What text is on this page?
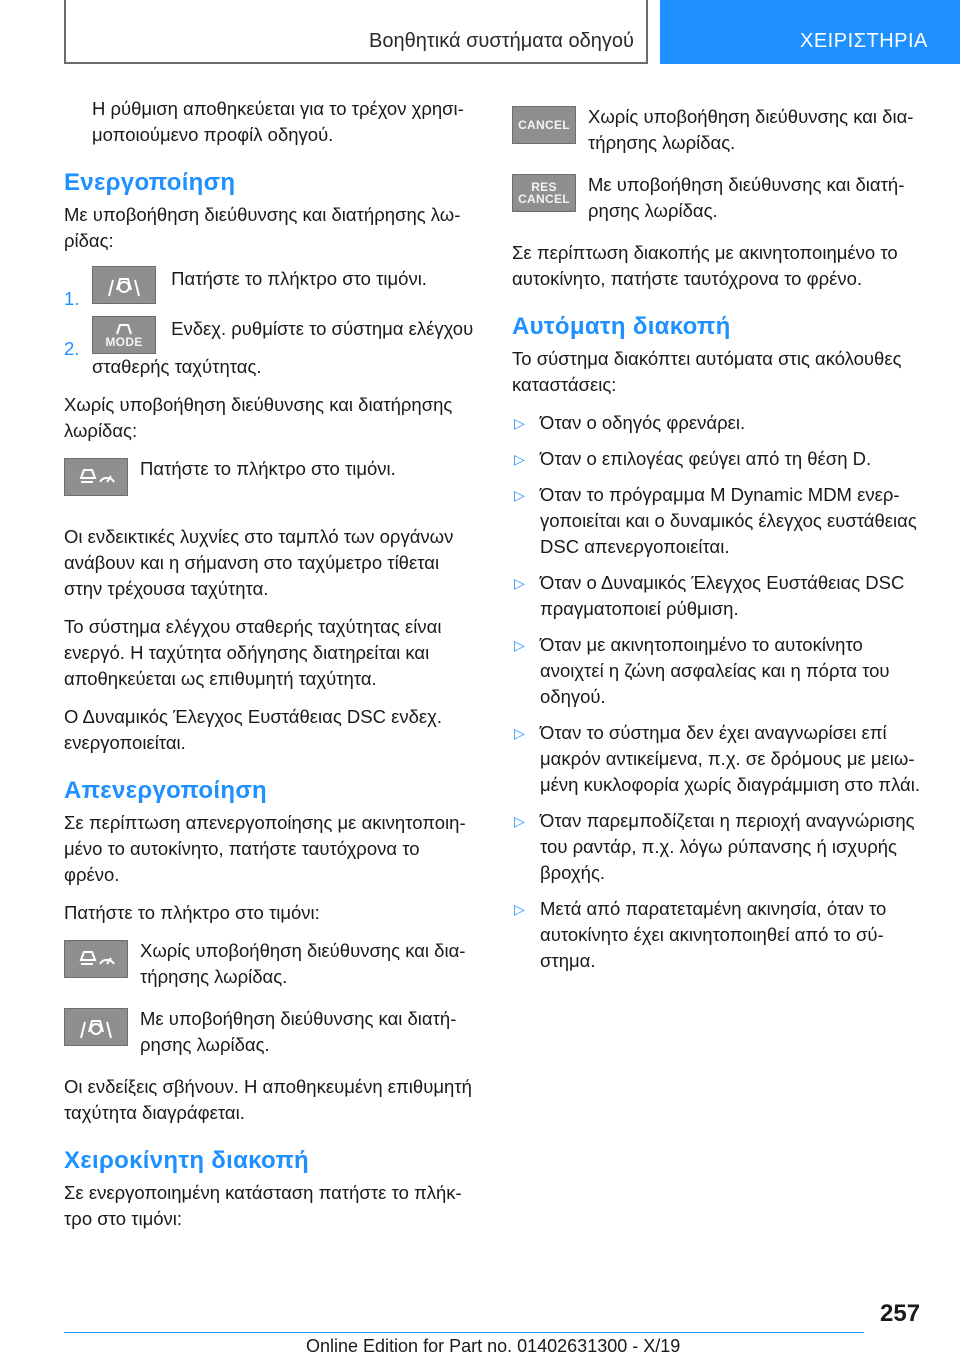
Βοηθητικά συστήματα οδηγού	ΧΕΙΡΙΣΤΗΡΙΑ

Η ρύθμιση αποθηκεύεται για το τρέχον χρησιμοποιούμενο προφίλ οδηγού.

Ενεργοποίηση

Με υποβοήθηση διεύθυνσης και διατήρησης λωρίδας:

1.
Πατήστε το πλήκτρο στο τιμόνι.
2. MODE
Ενδεχ. ρυθμίστε το σύστημα ελέγχου σταθερής ταχύτητας.

Χωρίς υποβοήθηση διεύθυνσης και διατήρησης λωρίδας:

Πατήστε το πλήκτρο στο τιμόνι.

Οι ενδεικτικές λυχνίες στο ταμπλό των οργάνων ανάβουν και η σήμανση στο ταχύμετρο τίθεται στην τρέχουσα ταχύτητα.

Το σύστημα ελέγχου σταθερής ταχύτητας είναι ενεργό. Η ταχύτητα οδήγησης διατηρείται και αποθηκεύεται ως επιθυμητή ταχύτητα.

Ο Δυναμικός Έλεγχος Ευστάθειας DSC ενδεχ. ενεργοποιείται.

Απενεργοποίηση

Σε περίπτωση απενεργοποίησης με ακινητοποιημένο το αυτοκίνητο, πατήστε ταυτόχρονα το φρένο.

Πατήστε το πλήκτρο στο τιμόνι:

Χωρίς υποβοήθηση διεύθυνσης και διατήρησης λωρίδας.
Με υποβοήθηση διεύθυνσης και διατήρησης λωρίδας.

Οι ενδείξεις σβήνουν. Η αποθηκευμένη επιθυμητή ταχύτητα διαγράφεται.

Χειροκίνητη διακοπή

Σε ενεργοποιημένη κατάσταση πατήστε το πλήκτρο στο τιμόνι:

CANCEL Χωρίς υποβοήθηση διεύθυνσης και διατήρησης λωρίδας.
RES
CANCEL
Με υποβοήθηση διεύθυνσης και διατήρησης λωρίδας.

Σε περίπτωση διακοπής με ακινητοποιημένο το αυτοκίνητο, πατήστε ταυτόχρονα το φρένο.

Αυτόματη διακοπή

Το σύστημα διακόπτει αυτόματα στις ακόλουθες καταστάσεις:

▷ Όταν ο οδηγός φρενάρει.
▷ Όταν ο επιλογέας φεύγει από τη θέση D.
▷ Όταν το πρόγραμμα M Dynamic MDM ενεργοποιείται και ο δυναμικός έλεγχος ευστάθειας DSC απενεργοποιείται.
▷ Όταν ο Δυναμικός Έλεγχος Ευστάθειας DSC πραγματοποιεί ρύθμιση.
▷ Όταν με ακινητοποιημένο το αυτοκίνητο ανοιχτεί η ζώνη ασφαλείας και η πόρτα του οδηγού.
▷ Όταν το σύστημα δεν έχει αναγνωρίσει επί μακρόν αντικείμενα, π.χ. σε δρόμους με μειωμένη κυκλοφορία χωρίς διαγράμμιση στο πλάι.
▷ Όταν παρεμποδίζεται η περιοχή αναγνώρισης του ραντάρ, π.χ. λόγω ρύπανσης ή ισχυρής βροχής.
▷ Μετά από παρατεταμένη ακινησία, όταν το αυτοκίνητο έχει ακινητοποιηθεί από το σύστημα.
257
Online Edition for Part no. 01402631300 - X/19
